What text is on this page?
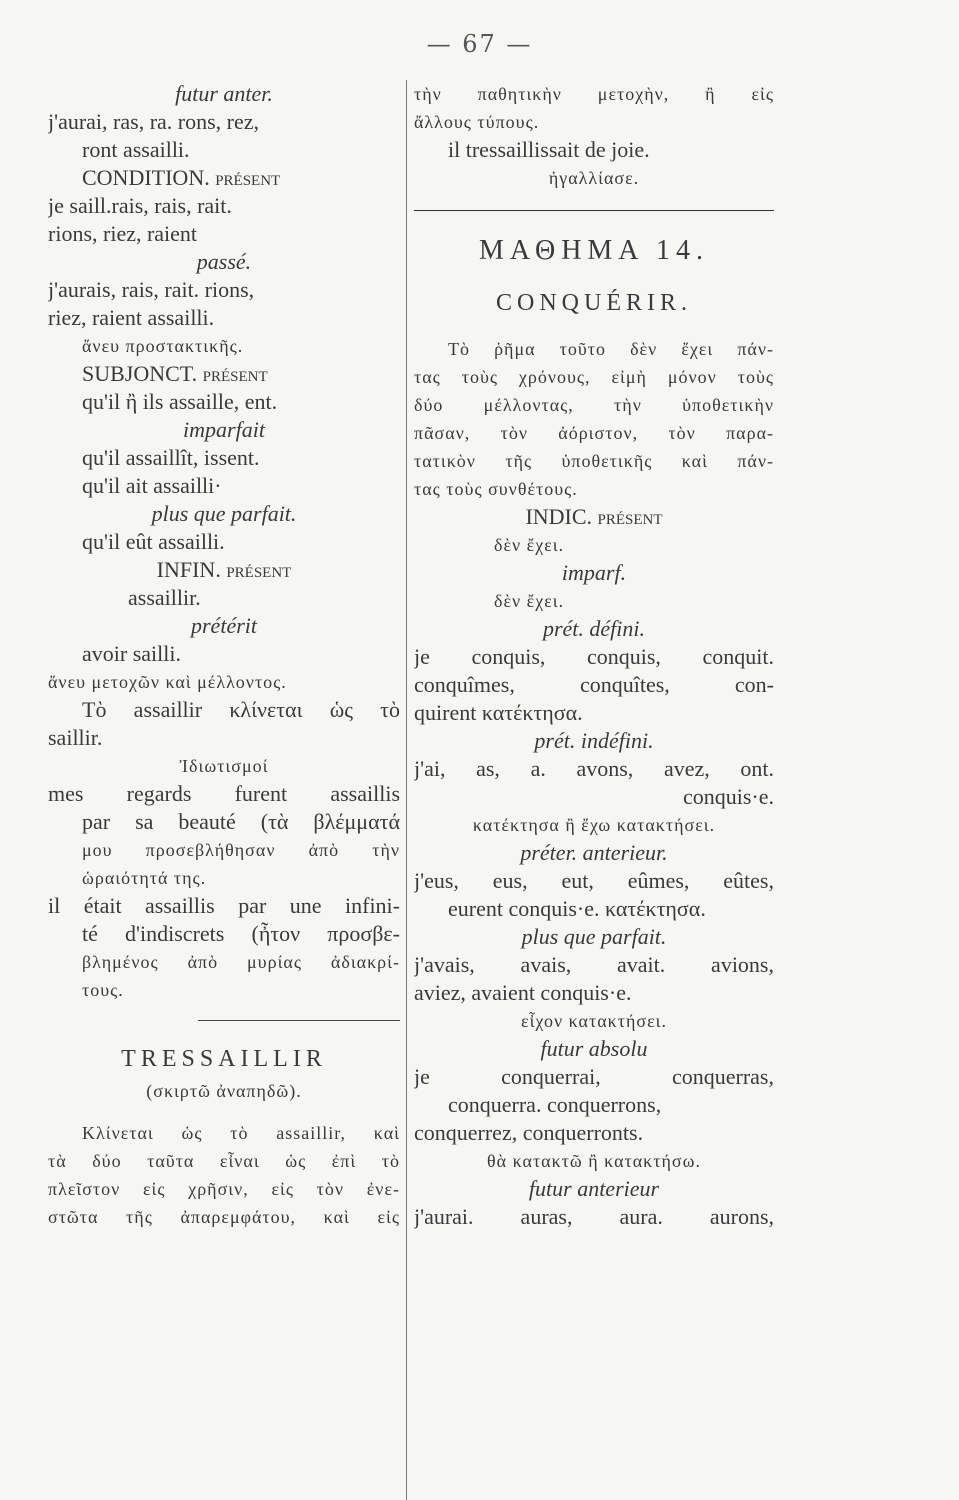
— 67 —
futur anter.
j'aurai, ras, ra. rons, rez,
ront assailli.
CONDITION. présent
je saill.rais, rais, rait.
rions, riez, raient
passé.
j'aurais, rais, rait. rions,
riez, raient assailli.
ἄνευ προστακτικῆς.
SUBJONCT. présent
qu'il ἢ ils assaille, ent.
imparfait
qu'il assaillît, issent.
qu'il ait assailli·
plus que parfait.
qu'il eût assailli.
INFIN. présent
assaillir.
prétérit
avoir sailli.
ἄνευ μετοχῶν καὶ μέλλοντος.
Τὸ assaillir κλίνεται ὡς τὸ
saillir.
Ἰδιωτισμοί
mes regards furent assaillis
par sa beauté (τὰ βλέμματά
μου προσεβλήθησαν ἀπὸ τὴν
ὡραιότητά της.
il était assaillis par une infini-
té d'indiscrets (ἦτον προσβε-
βλημένος ἀπὸ μυρίας ἀδιακρί-
τους.
TRESSAILLIR
(σκιρτῶ ἀναπηδῶ).
Κλίνεται ὡς τὸ assaillir, καὶ
τὰ δύο ταῦτα εἶναι ὡς ἐπὶ τὸ
πλεῖστον εἰς χρῆσιν, εἰς τὸν ἐνε-
στῶτα τῆς ἀπαρεμφάτου, καὶ εἰς
τὴν παθητικὴν μετοχὴν, ἢ εἰς
ἄλλους τύπους.
il tressaillissait de joie.
ἠγαλλίασε.
ΜΑΘΗΜΑ 14.
CONQUÉRIR.
Τὸ ῥῆμα τοῦτο δὲν ἔχει πάν-
τας τοὺς χρόνους, εἰμὴ μόνον τοὺς
δύο μέλλοντας, τὴν ὑποθετικὴν
πᾶσαν, τὸν ἀόριστον, τὸν παρα-
τατικὸν τῆς ὑποθετικῆς καὶ πάν-
τας τοὺς συνθέτους.
INDIC. présent
δὲν ἔχει.
imparf.
δὲν ἔχει.
prét. défini.
je conquis, conquis, conquit.
conquîmes, conquîtes, con-
quirent κατέκτησα.
prét. indéfini.
j'ai, as, a. avons, avez, ont.
conquis·e.
κατέκτησα ἢ ἔχω κατακτήσει.
préter. anterieur.
j'eus, eus, eut, eûmes, eûtes,
eurent conquis·e. κατέκτησα.
plus que parfait.
j'avais, avais, avait. avions,
aviez, avaient conquis·e.
εἶχον κατακτήσει.
futur absolu
je conquerrai, conquerras,
conquerra. conquerrons,
conquerrez, conquerronts.
θὰ κατακτῶ ἢ κατακτήσω.
futur anterieur
j'aurai. auras, aura. aurons,
